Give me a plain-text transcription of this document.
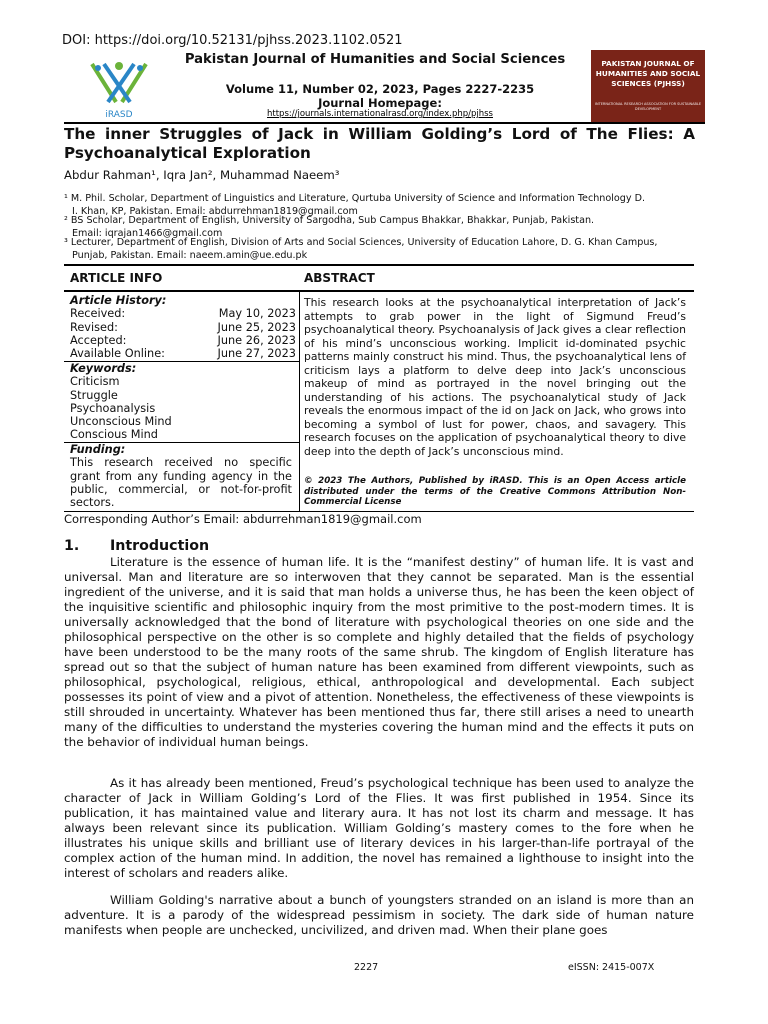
DOI: https://doi.org/10.52131/pjhss.2023.1102.0521
iRASD
Pakistan Journal of Humanities and Social Sciences
Volume 11, Number 02, 2023, Pages 2227-2235
Journal Homepage:
https://journals.internationalrasd.org/index.php/pjhss
PAKISTAN JOURNAL OF HUMANITIES AND SOCIAL SCIENCES (PJHSS)
INTERNATIONAL RESEARCH ASSOCIATION FOR SUSTAINABLE DEVELOPMENT
The inner Struggles of Jack in William Golding’s Lord of The Flies: A Psychoanalytical Exploration
Abdur Rahman¹, Iqra Jan², Muhammad Naeem³
¹ M. Phil. Scholar, Department of Linguistics and Literature, Qurtuba University of Science and Information Technology D.
I. Khan, KP, Pakistan. Email: abdurrehman1819@gmail.com
² BS Scholar, Department of English, University of Sargodha, Sub Campus Bhakkar, Bhakkar, Punjab, Pakistan.
Email: iqrajan1466@gmail.com
³ Lecturer, Department of English, Division of Arts and Social Sciences, University of Education Lahore, D. G. Khan Campus,
Punjab, Pakistan. Email: naeem.amin@ue.edu.pk
ARTICLE INFO	ABSTRACT
Article History:
Received:	May 10, 2023
Revised:	June 25, 2023
Accepted:	June 26, 2023
Available Online:	June 27, 2023
Keywords:
Criticism
Struggle
Psychoanalysis
Unconscious Mind
Conscious Mind
Funding:
This research received no specific grant from any funding agency in the public, commercial, or not-for-profit sectors.
This research looks at the psychoanalytical interpretation of Jack’s attempts to grab power in the light of Sigmund Freud’s psychoanalytical theory. Psychoanalysis of Jack gives a clear reflection of his mind’s unconscious working. Implicit id-dominated psychic patterns mainly construct his mind. Thus, the psychoanalytical lens of criticism lays a platform to delve deep into Jack’s unconscious makeup of mind as portrayed in the novel bringing out the understanding of his actions. The psychoanalytical study of Jack reveals the enormous impact of the id on Jack on Jack, who grows into becoming a symbol of lust for power, chaos, and savagery. This research focuses on the application of psychoanalytical theory to dive deep into the depth of Jack’s unconscious mind.
© 2023 The Authors, Published by iRASD. This is an Open Access article distributed under the terms of the Creative Commons Attribution Non-Commercial License
Corresponding Author’s Email: abdurrehman1819@gmail.com
1. Introduction
Literature is the essence of human life. It is the “manifest destiny” of human life. It is vast and universal. Man and literature are so interwoven that they cannot be separated. Man is the essential ingredient of the universe, and it is said that man holds a universe thus, he has been the keen object of the inquisitive scientific and philosophic inquiry from the most primitive to the post-modern times. It is universally acknowledged that the bond of literature with psychological theories on one side and the philosophical perspective on the other is so complete and highly detailed that the fields of psychology have been understood to be the many roots of the same shrub. The kingdom of English literature has spread out so that the subject of human nature has been examined from different viewpoints, such as philosophical, psychological, religious, ethical, anthropological and developmental. Each subject possesses its point of view and a pivot of attention. Nonetheless, the effectiveness of these viewpoints is still shrouded in uncertainty. Whatever has been mentioned thus far, there still arises a need to unearth many of the difficulties to understand the mysteries covering the human mind and the effects it puts on the behavior of individual human beings.
As it has already been mentioned, Freud’s psychological technique has been used to analyze the character of Jack in William Golding’s Lord of the Flies. It was first published in 1954. Since its publication, it has maintained value and literary aura. It has not lost its charm and message. It has always been relevant since its publication. William Golding’s mastery comes to the fore when he illustrates his unique skills and brilliant use of literary devices in his larger-than-life portrayal of the complex action of the human mind. In addition, the novel has remained a lighthouse to insight into the interest of scholars and readers alike.
William Golding's narrative about a bunch of youngsters stranded on an island is more than an adventure. It is a parody of the widespread pessimism in society. The dark side of human nature manifests when people are unchecked, uncivilized, and driven mad. When their plane goes
2227	eISSN: 2415-007X
